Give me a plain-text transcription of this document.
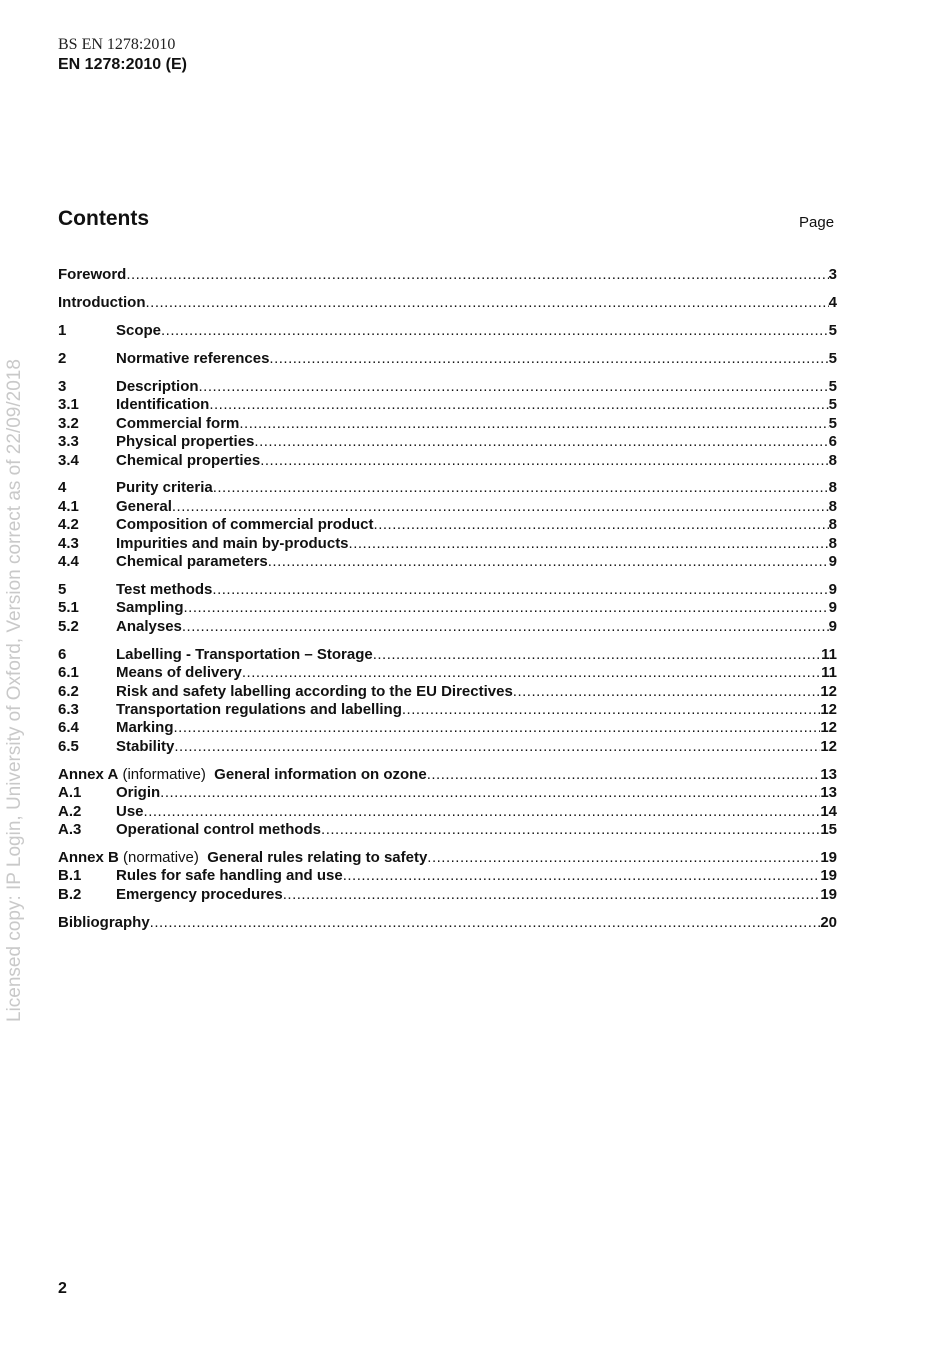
BS EN 1278:2010
EN 1278:2010 (E)
Contents	Page
Licensed copy: IP Login, University of Oxford, Version correct as of 22/09/2018
Foreword .....	3
Introduction .....	4
1	Scope .....	5
2	Normative references .....	5
3	Description .....	5
3.1	Identification .....	5
3.2	Commercial form .....	5
3.3	Physical properties .....	6
3.4	Chemical properties .....	8
4	Purity criteria .....	8
4.1	General .....	8
4.2	Composition of commercial product .....	8
4.3	Impurities and main by-products .....	8
4.4	Chemical parameters .....	9
5	Test methods .....	9
5.1	Sampling .....	9
5.2	Analyses .....	9
6	Labelling - Transportation – Storage .....	11
6.1	Means of delivery .....	11
6.2	Risk and safety labelling according to the EU Directives .....	12
6.3	Transportation regulations and labelling .....	12
6.4	Marking .....	12
6.5	Stability .....	12
Annex A (informative) General information on ozone .....	13
A.1	Origin .....	13
A.2	Use .....	14
A.3	Operational control methods .....	15
Annex B (normative) General rules relating to safety .....	19
B.1	Rules for safe handling and use .....	19
B.2	Emergency procedures .....	19
Bibliography .....	20
2
